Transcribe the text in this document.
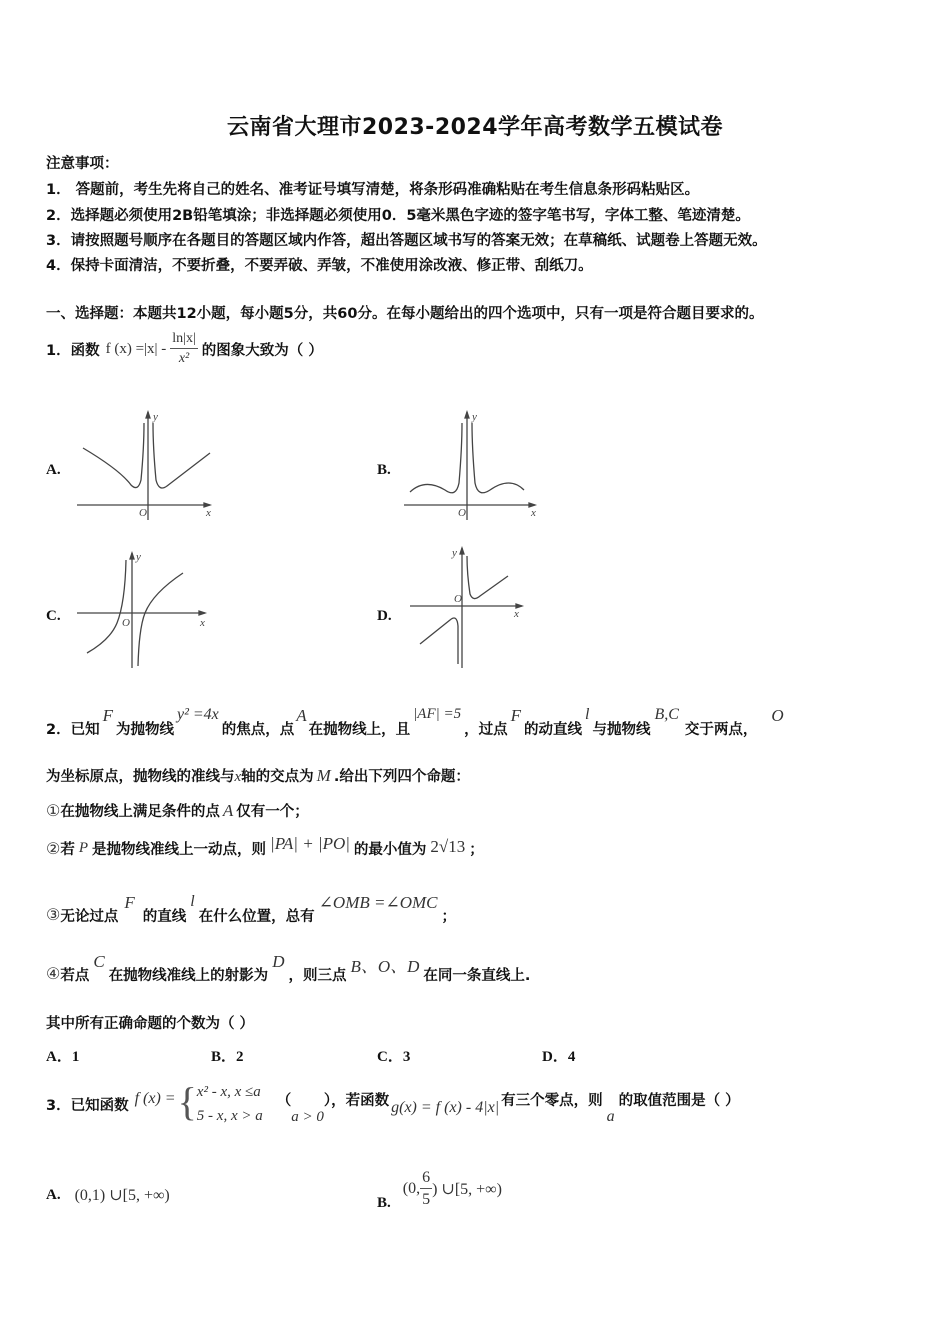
云南省大理市2023-2024学年高考数学五模试卷
注意事项：
1． 答题前，考生先将自己的姓名、准考证号填写清楚，将条形码准确粘贴在考生信息条形码粘贴区。
2．选择题必须使用2B铅笔填涂；非选择题必须使用0．5毫米黑色字迹的签字笔书写，字体工整、笔迹清楚。
3．请按照题号顺序在各题目的答题区域内作答，超出答题区域书写的答案无效；在草稿纸、试题卷上答题无效。
4．保持卡面清洁，不要折叠，不要弄破、弄皱，不准使用涂改液、修正带、刮纸刀。
一、选择题：本题共12小题，每小题5分，共60分。在每小题给出的四个选项中，只有一项是符合题目要求的。
1．函数 f $(x) =|x| - \frac{\ln|x|}{\text{x²}}$ 的图象大致为（ ）
A.
y
O	x
B.
y
O	x
C.
y
O	x	D.
y
O
x
2．已知
F
为抛物线
y² =4x
的焦点，点
A
在抛物线上，且
|AF| =5
，过点
F
的动直线
l
与抛物线
B,C
交于两点，
O
为坐标原点，抛物线的准线与x轴的交点为 M .给出下列四个命题：
①在抛物线上满足条件的点 A 仅有一个；
② 若 P 是抛物线准线上一动点，则 |PA| + |PO| 的最小值为 2√13 ；
③ 无论过点
F
的直线
l
在什么位置，总有
∠OMB =∠OMC
；
④ 若点
C
在抛物线准线上的射影为
D
，则三点 B、O、D 在同一条直线上.
其中所有正确命题的个数为（ ）
A．1	B．2	C．3	D．4
3．已知函数 f (x) = { x² - x, x ≤a
5 - x, x > a
（
a > 0
），若函数 g(x) = f (x) - 4|x| 有三个零点，则
a
的取值范围是（ ）
A. (0,1) ∪[5, +∞)	B.
(0, $\frac{6}{5}$ ) ∪[5, +∞)
